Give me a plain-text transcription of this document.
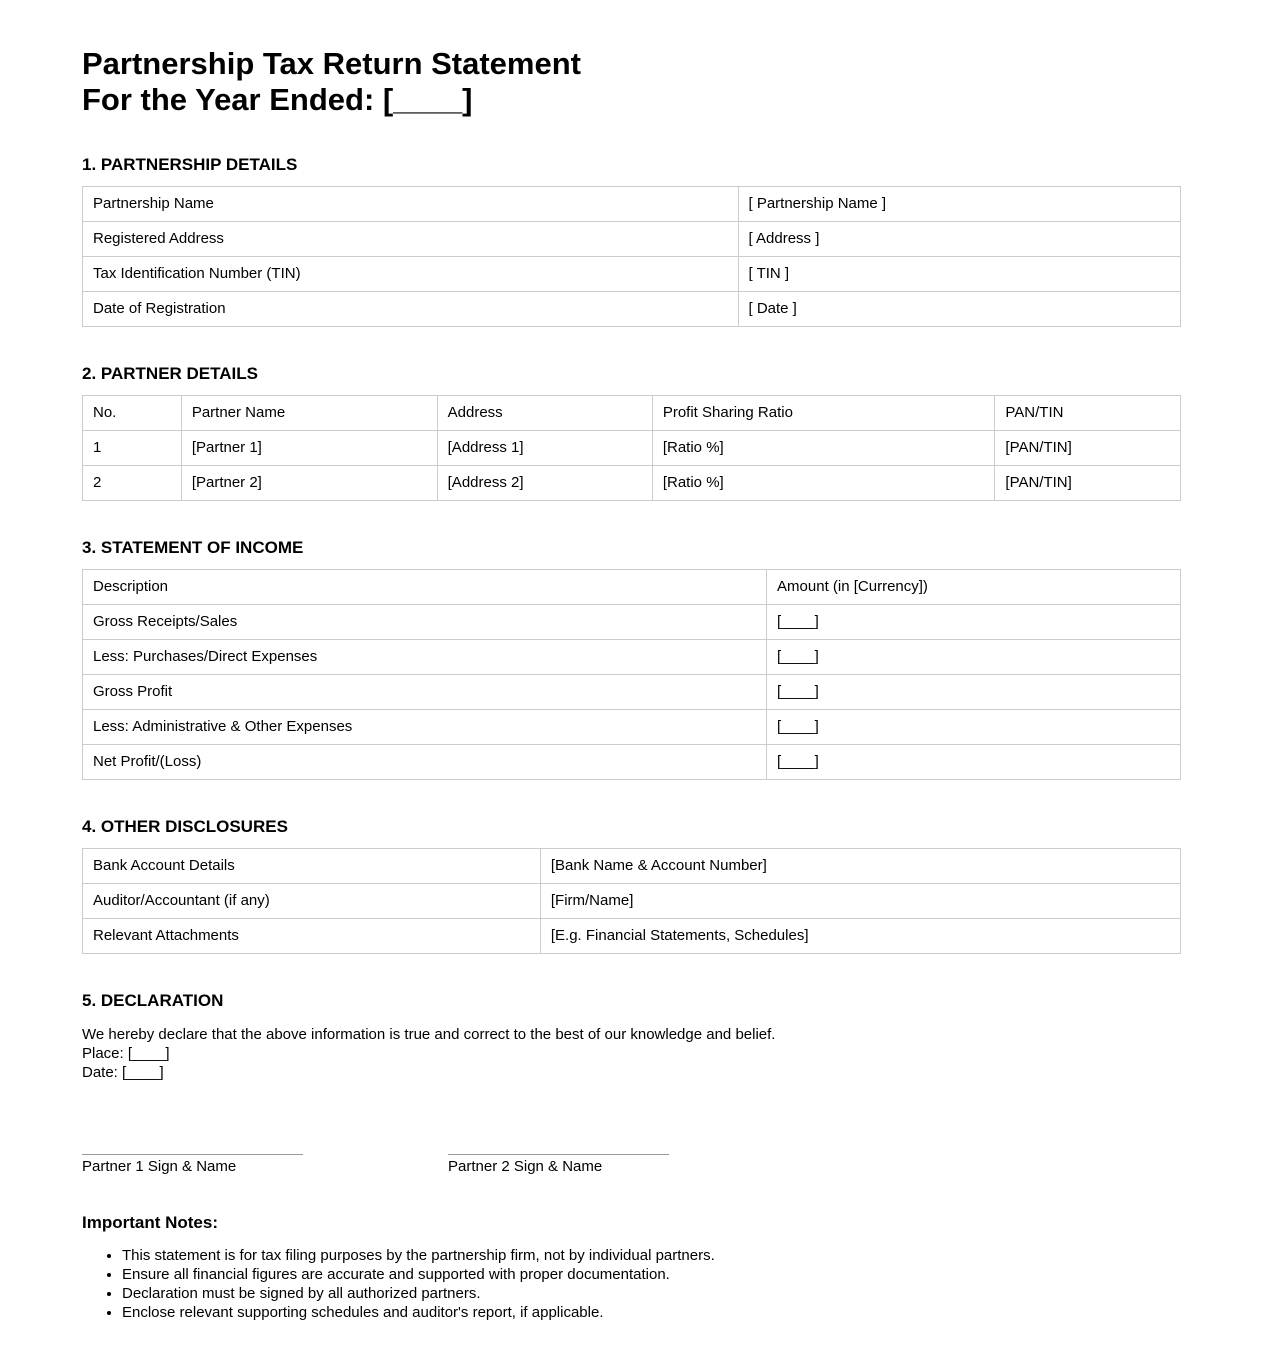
Partnership Tax Return Statement
For the Year Ended: [____]
1. PARTNERSHIP DETAILS
Partnership Name	[ Partnership Name ]
Registered Address	[ Address ]
Tax Identification Number (TIN)	[ TIN ]
Date of Registration	[ Date ]
2. PARTNER DETAILS
No.	Partner Name	Address	Profit Sharing Ratio	PAN/TIN
1	[Partner 1]	[Address 1]	[Ratio %]	[PAN/TIN]
2	[Partner 2]	[Address 2]	[Ratio %]	[PAN/TIN]
3. STATEMENT OF INCOME
Description	Amount (in [Currency])
Gross Receipts/Sales	[____]
Less: Purchases/Direct Expenses	[____]
Gross Profit	[____]
Less: Administrative & Other Expenses	[____]
Net Profit/(Loss)	[____]
4. OTHER DISCLOSURES
Bank Account Details	[Bank Name & Account Number]
Auditor/Accountant (if any)	[Firm/Name]
Relevant Attachments	[E.g. Financial Statements, Schedules]
5. DECLARATION

We hereby declare that the above information is true and correct to the best of our knowledge and belief.
Place: [____]
Date: [____]

Partner 1 Sign & Name	Partner 2 Sign & Name
Important Notes:
• This statement is for tax filing purposes by the partnership firm, not by individual partners.
• Ensure all financial figures are accurate and supported with proper documentation.
• Declaration must be signed by all authorized partners.
• Enclose relevant supporting schedules and auditor's report, if applicable.
